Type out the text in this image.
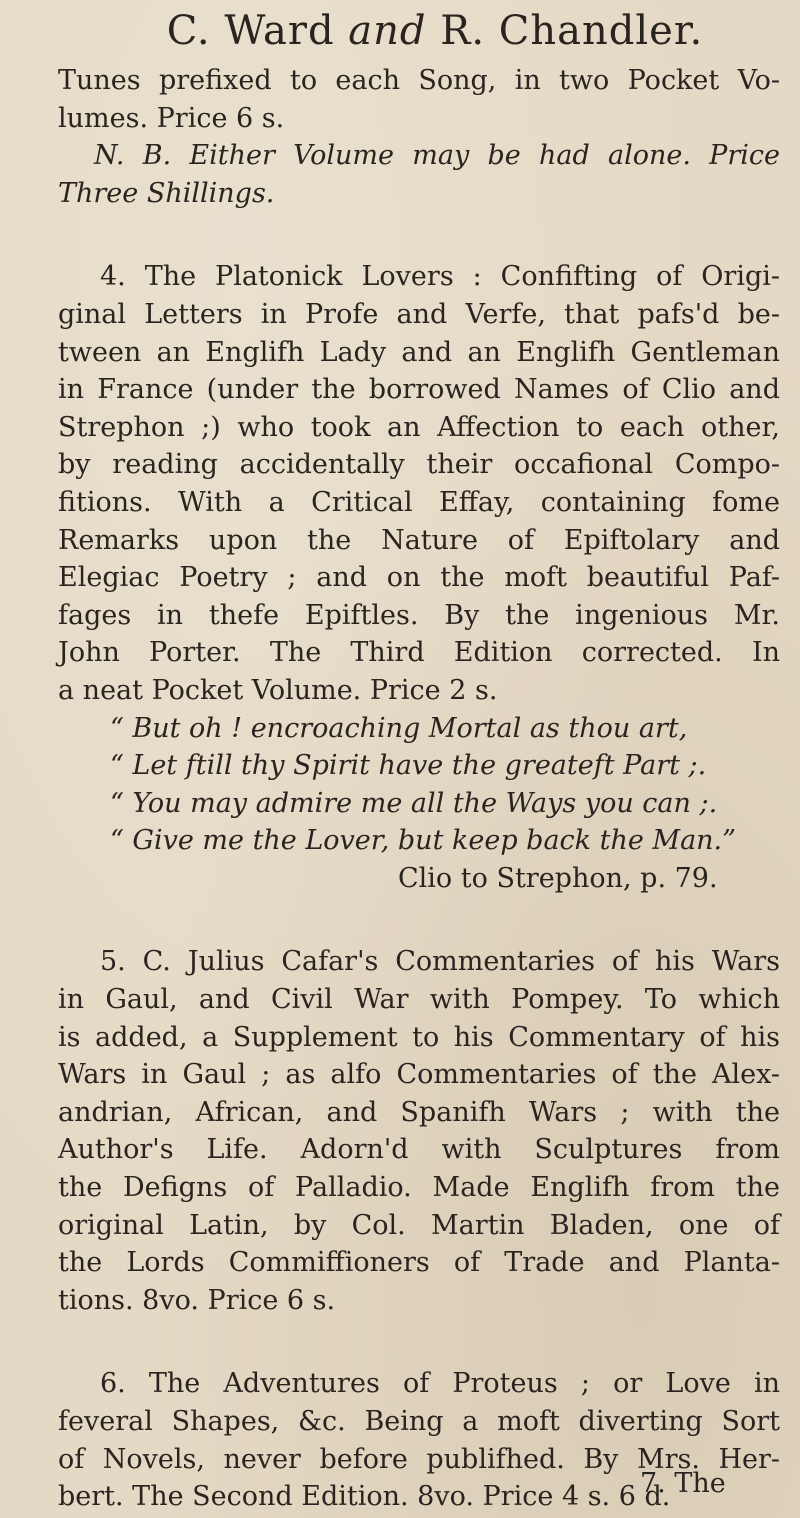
C. Ward and R. Chandler.
Tunes prefixed to each Song, in two Pocket Vo-
lumes. Price 6 s.
N. B. Either Volume may be had alone. Price
Three Shillings.
4. The Platonick Lovers : Confifting of Origi-
ginal Letters in Profe and Verfe, that pafs'd be-
tween an Englifh Lady and an Englifh Gentleman
in France (under the borrowed Names of Clio and
Strephon ;) who took an Affection to each other,
by reading accidentally their occafional Compo-
fitions. With a Critical Effay, containing fome
Remarks upon the Nature of Epiftolary and
Elegiac Poetry ; and on the moft beautiful Paf-
fages in thefe Epiftles. By the ingenious Mr.
John Porter. The Third Edition corrected. In
a neat Pocket Volume. Price 2 s.
“ But oh ! encroaching Mortal as thou art,
“ Let ftill thy Spirit have the greateft Part ;.
“ You may admire me all the Ways you can ;.
“ Give me the Lover, but keep back the Man.”
Clio to Strephon, p. 79.
5. C. Julius Cafar's Commentaries of his Wars
in Gaul, and Civil War with Pompey. To which
is added, a Supplement to his Commentary of his
Wars in Gaul ; as alfo Commentaries of the Alex-
andrian, African, and Spanifh Wars ; with the
Author's Life. Adorn'd with Sculptures from
the Defigns of Palladio. Made Englifh from the
original Latin, by Col. Martin Bladen, one of
the Lords Commiffioners of Trade and Planta-
tions. 8vo. Price 6 s.
6. The Adventures of Proteus ; or Love in
feveral Shapes, &c. Being a moft diverting Sort
of Novels, never before publifhed. By Mrs. Her-
bert. The Second Edition. 8vo. Price 4 s. 6 d.
7. The
